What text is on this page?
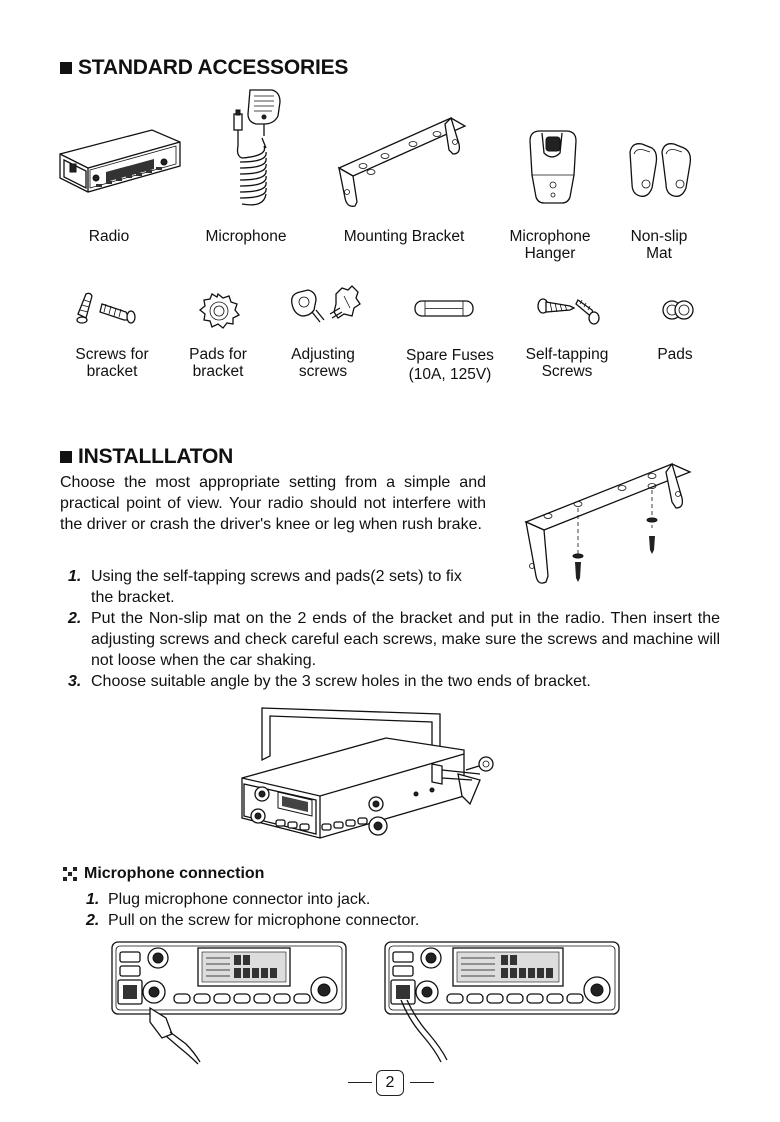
STANDARD ACCESSORIES
Radio	Microphone	Mounting Bracket	Microphone
Hanger
Non-slip
Mat
Screws for
bracket
Pads for
bracket
Adjusting
screws
Spare Fuses
(10A, 125V)
Self-tapping
Screws
Pads
INSTALLLATON
Choose the most appropriate setting from a simple and practical point of view. Your radio should not interfere with the driver or crash the driver's knee or leg when rush brake.
1. Using the self-tapping screws and pads(2 sets) to fix
the bracket.
2. Put the Non-slip mat on the 2 ends of the bracket and put in the radio. Then insert the adjusting screws and check careful each screws, make sure the screws and machine will not loose when the car shaking.
3. Choose suitable angle by the 3 screw holes in the two ends of bracket.
Microphone connection
1. Plug microphone connector into jack.
2. Pull on the screw for microphone connector.
2
